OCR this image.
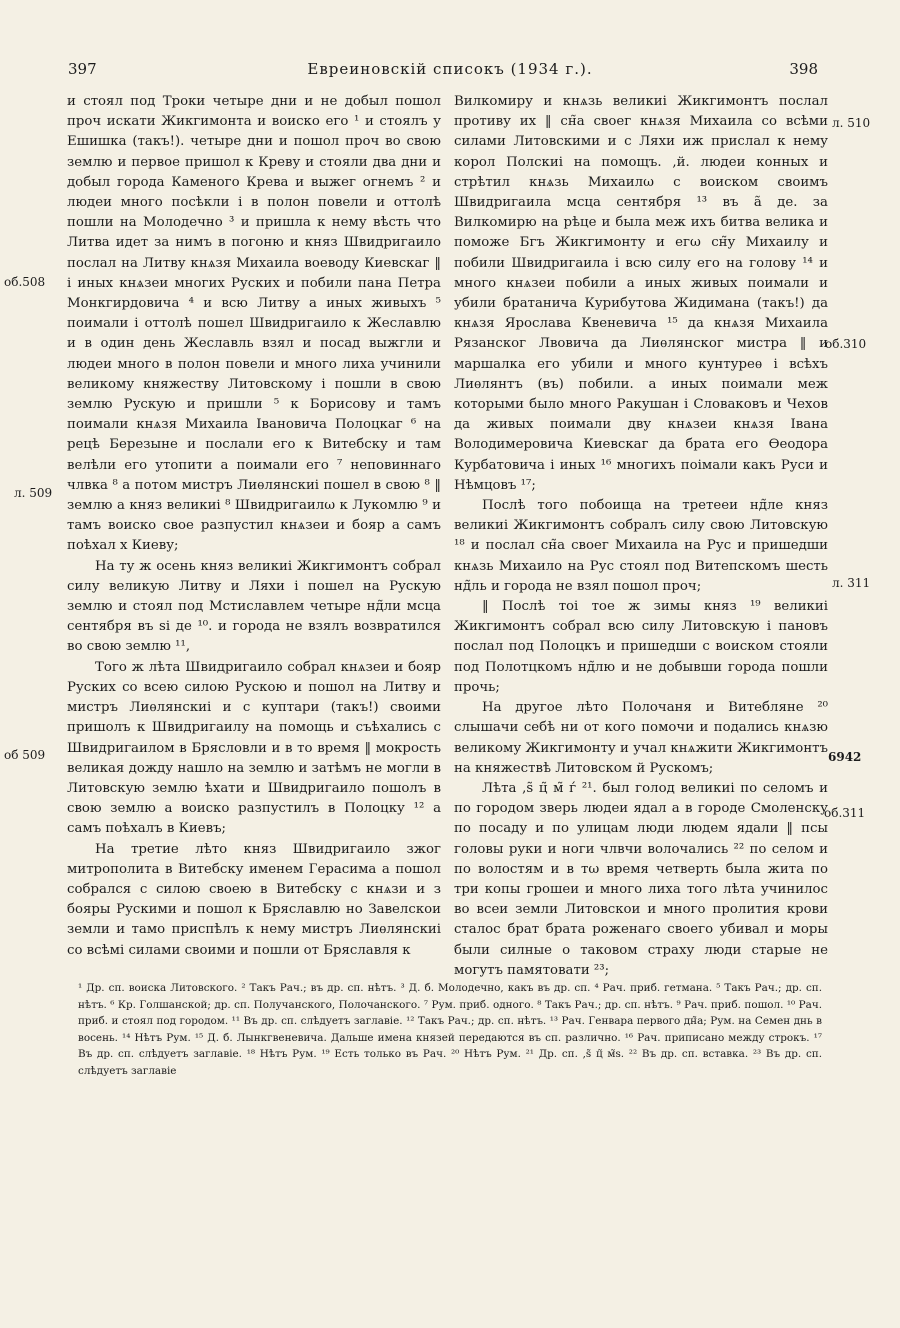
397	Евреиновскій списокъ (1934 г.).	398
об.508
л. 509
об 509
л. 510
об.310
л. 311
6942
об.311

и стоял под Троки четыре дни и не добыл пошол проч искати Жикгимонта и воиско его ¹ и стоялъ у Ешишка (такъ!). четыре дни и пошол проч во свою землю и первое пришол к Креву и стояли два дни и добыл города Каменого Крева и выжег огнемъ ² и людеи много посѣкли і в полон повели и оттолѣ пошли на Молодечно ³ и пришла к нему вѣсть что Литва идет за нимъ в погоню и княз Швидригаило послал на Литву кнѧзя Михаила воеводу Киевскаг ‖ і иных кнѧзеи многих Руских и побили пана Петра Монкгирдовича ⁴ и всю Литву а иных живыхъ ⁵ поимали і оттолѣ пошел Швидригаило к Жеславлю и в один день Жеславль взял и посад выжгли и людеи много в полон повели и много лиха учинили великому княжеству Литовскому і пошли в свою землю Рускую и пришли ⁵ к Борисову и тамъ поимали кнѧзя Михаила Івановича Полоцкаг ⁶ на рецѣ Березыне и послали его к Витебску и там велѣли его утопити а поимали его ⁷ неповиннаго члвка ⁸ а потом мистръ Лиѳлянскиі пошел в свою ⁸ ‖ землю а княз великиі ⁸ Швидригаилω к Лукомлю ⁹ и тамъ воиско свое разпустил кнѧзеи и бояр а самъ поѣхал х Киеву;

На ту ж осень княз великиі Жикгимонтъ собрал силу великую Литву и Ляхи і пошел на Рускую землю и стоял под Мстиславлем четыре нд̃ли мсца сентября въ ѕі де ¹⁰. и города не взялъ возвратился во свою землю ¹¹,

Того ж лѣта Швидригаило собрал кнѧзеи и бояр Руских со всею силою Рускою и пошол на Литву и мистръ Лиѳлянскиі и с куптари (такъ!) своими пришолъ к Швидригаилу на помощь и съѣхались с Швидригаилом в Брясловли и в то время ‖ мокрость великая дожду нашло на землю и затѣмъ не могли в Литовскую землю ѣхати и Швидригаило пошолъ в свою землю а воиско разпустилъ в Полоцку ¹² а самъ поѣхалъ в Киевъ;

На третие лѣто княз Швидригаило зжог митрополита в Витебску именем Герасима а пошол собрался с силою своею в Витебску с кнѧзи и з бояры Рускими и пошол к Бряславлю но Завелскои земли и тамо приспѣлъ к нему мистръ Лиѳлянскиі со всѣмі силами своими и пошли от Бряславля к

Вилкомиру и кнѧзь великиі Жикгимонтъ послал противу их ‖ сн̃а своег кнѧзя Михаила со всѣми силами Литовскими и с Ляхи иж прислал к нему корол Полскиі на помощъ. ,й. людеи конных и стрѣтил кнѧзь Михаилω с воиском своимъ Швидригаила мсца сентября ¹³ въ а̃ де. за Вилкомирю на рѣце и была меж ихъ битва велика и поможе Бгъ Жикгимонту и егω сн̃у Михаилу и побили Швидригаила і всю силу его на голову ¹⁴ и много кнѧзеи побили а иных живых поимали и убили братанича Курибутова Жидимана (такъ!) да кнѧзя Ярослава Квеневича ¹⁵ да кнѧзя Михаила Рязанског Лвовича да Лиѳлянског мистра ‖ и маршалка его убили и много кунтуреѳ і всѣхъ Лиѳлянтъ (въ) побили. а иных поимали меж которыми было много Ракушан і Словаковъ и Чехов да живых поимали дву кнѧзеи кнѧзя Івана Володимеровича Киевскаг да брата его Ѳеодора Курбатовича і иных ¹⁶ многихъ поімали какъ Руси и Нѣмцовъ ¹⁷;

Послѣ того побоища на третееи нд̃ле княз великиі Жикгимонтъ собралъ силу свою Литовскую ¹⁸ и послал сн̃а своег Михаила на Рус и пришедши кнѧзь Михаило на Рус стоял под Витепскомъ шесть нд̃ль и города не взял пошол проч;

‖ Послѣ тоі тое ж зимы княз ¹⁹ великиі Жикгимонтъ собрал всю силу Литовскую і пановъ послал под Полоцкъ и пришедши с воиском стояли под Полотцкомъ нд̃лю и не добывши города пошли прочь;

На другое лѣто Полочаня и Витебляне ²⁰ слышачи себѣ ни от кого помочи и подались кнѧзю великому Жикгимонту и учал кнѧжити Жикгимонтъ на княжествѣ Литовском й Рускомъ;

Лѣта ,ѕ̃ ц̃ м̃ ѓ ²¹. был голод великиі по селомъ и по городом зверь людеи ядал а в городе Смоленску по посаду и по улицам люди людем ядали ‖ псы головы руки и ноги члвчи волочались ²² по селом и по волостям и в тω время четверть была жита по три копы грошеи и много лиха того лѣта учинилос во всеи земли Литовскои и много пролития крови сталос брат брата роженаго своего убивал и моры были силные о таковом страху люди старые не могутъ памятовати ²³;

¹ Др. сп. воиска Литовского. ² Такъ Рач.; въ др. сп. нѣтъ. ³ Д. б. Молодечно, какъ въ др. сп. ⁴ Рач. приб. гетмана. ⁵ Такъ Рач.; др. сп. нѣтъ. ⁶ Кр. Голшанской; др. сп. Получанского, Полочанского. ⁷ Рум. приб. одного. ⁸ Такъ Рач.; др. сп. нѣтъ. ⁹ Рач. приб. пошол. ¹⁰ Рач. приб. и стоял под городом. ¹¹ Въ др. сп. слѣдуетъ заглавіе. ¹² Такъ Рач.; др. сп. нѣтъ. ¹³ Рач. Генвара первого дн̃а; Рум. на Семен днь в восень. ¹⁴ Нѣтъ Рум. ¹⁵ Д. б. Лынкгвеневича. Дальше имена князей передаются въ сп. различно. ¹⁶ Рач. приписано между строкъ. ¹⁷ Въ др. сп. слѣдуетъ заглавіе. ¹⁸ Нѣтъ Рум. ¹⁹ Есть только въ Рач. ²⁰ Нѣтъ Рум. ²¹ Др. сп. ,ѕ̃ ц̃ м̃ѕ. ²² Въ др. сп. вставка. ²³ Въ др. сп. слѣдуетъ заглавіе
